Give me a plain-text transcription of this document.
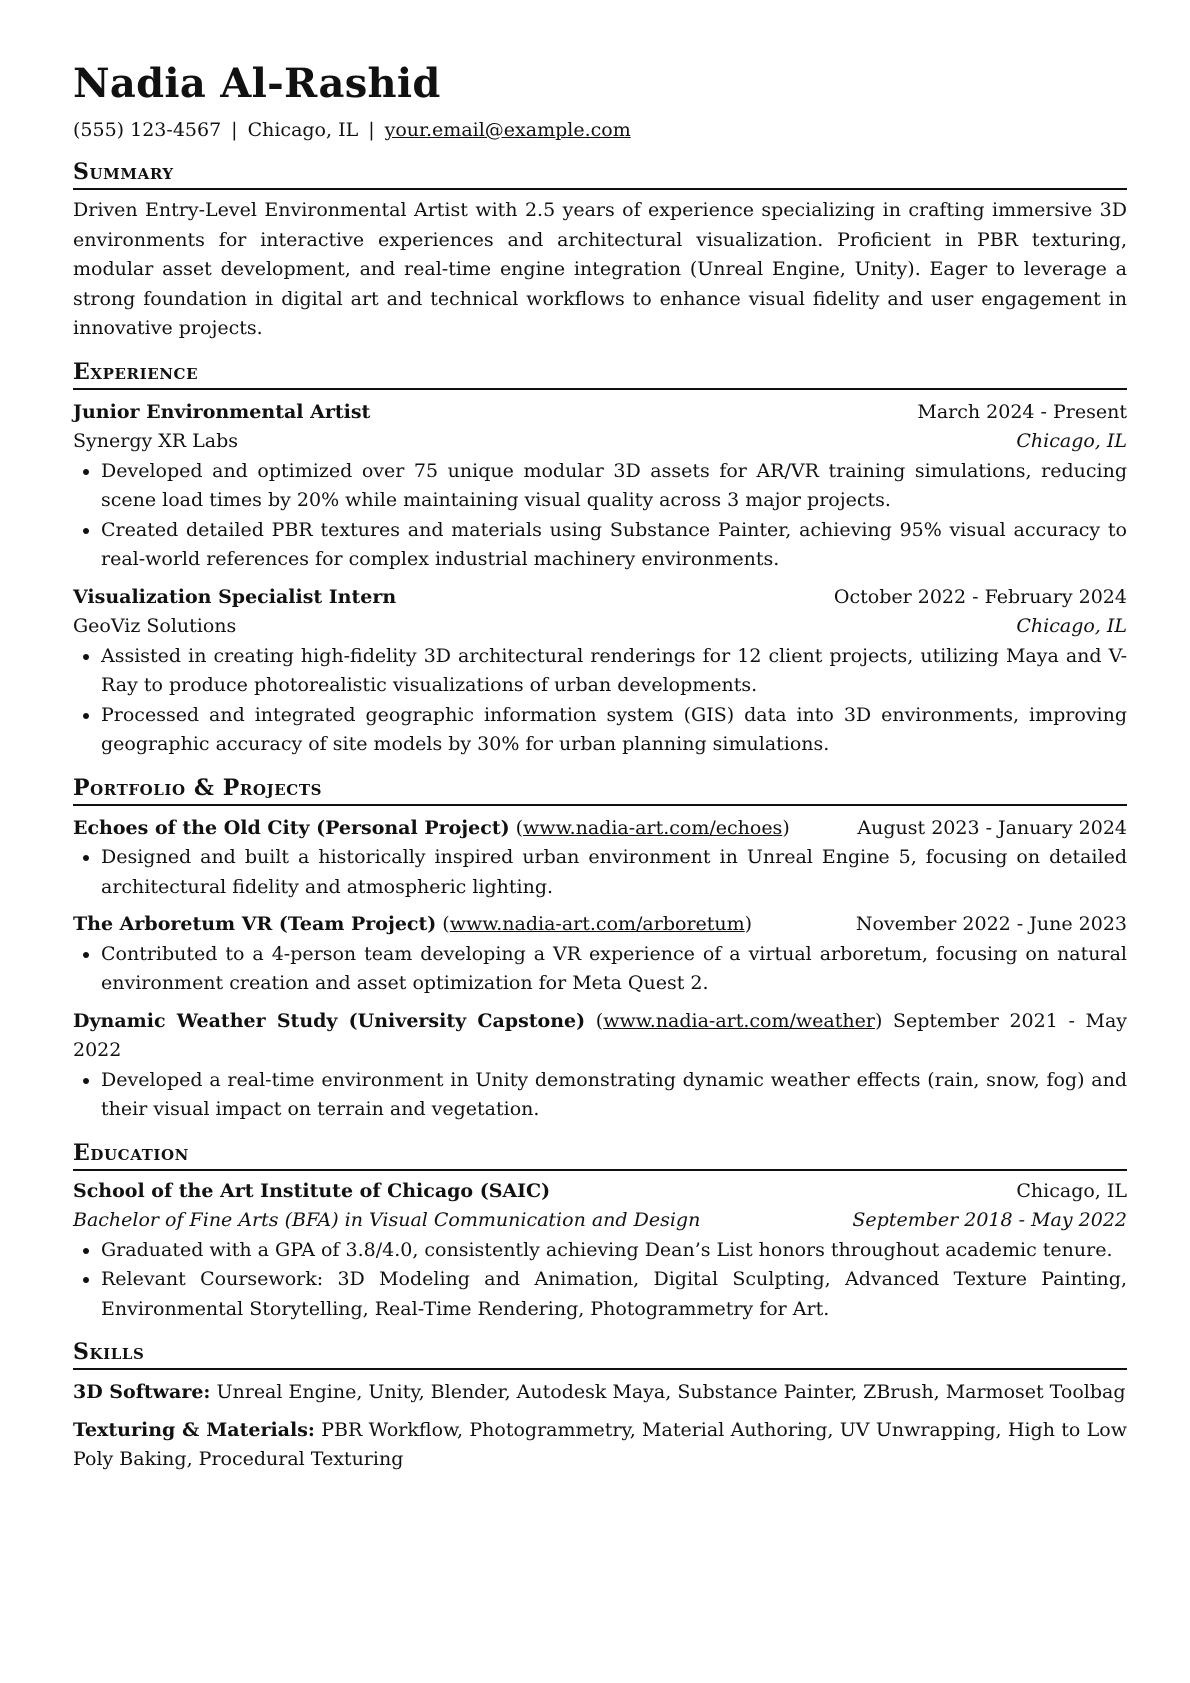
Nadia Al-Rashid
(555) 123-4567 | Chicago, IL | your.email@example.com
Summary
Driven Entry-Level Environmental Artist with 2.5 years of experience specializing in crafting immersive 3D environments for interactive experiences and architectural visualization. Proficient in PBR texturing, modular asset development, and real-time engine integration (Unreal Engine, Unity). Eager to leverage a strong foundation in digital art and technical workflows to enhance visual fidelity and user engagement in innovative projects.
Experience
Junior Environmental Artist	March 2024 - Present
Synergy XR Labs	Chicago, IL
• Developed and optimized over 75 unique modular 3D assets for AR/VR training simulations, reducing scene load times by 20% while maintaining visual quality across 3 major projects.
• Created detailed PBR textures and materials using Substance Painter, achieving 95% visual accuracy to real-world references for complex industrial machinery environments.
Visualization Specialist Intern	October 2022 - February 2024
GeoViz Solutions	Chicago, IL
• Assisted in creating high-fidelity 3D architectural renderings for 12 client projects, utilizing Maya and V-Ray to produce photorealistic visualizations of urban developments.
• Processed and integrated geographic information system (GIS) data into 3D environments, improving geographic accuracy of site models by 30% for urban planning simulations.
Portfolio & Projects
Echoes of the Old City (Personal Project) (www.nadia-art.com/echoes)	August 2023 - January 2024
• Designed and built a historically inspired urban environment in Unreal Engine 5, focusing on detailed architectural fidelity and atmospheric lighting.
The Arboretum VR (Team Project) (www.nadia-art.com/arboretum)	November 2022 - June 2023
• Contributed to a 4-person team developing a VR experience of a virtual arboretum, focusing on natural environment creation and asset optimization for Meta Quest 2.
Dynamic Weather Study (University Capstone) (www.nadia-art.com/weather) September 2021 - May 2022
• Developed a real-time environment in Unity demonstrating dynamic weather effects (rain, snow, fog) and their visual impact on terrain and vegetation.
Education
School of the Art Institute of Chicago (SAIC)	Chicago, IL
Bachelor of Fine Arts (BFA) in Visual Communication and Design	September 2018 - May 2022
• Graduated with a GPA of 3.8/4.0, consistently achieving Dean’s List honors throughout academic tenure.
• Relevant Coursework: 3D Modeling and Animation, Digital Sculpting, Advanced Texture Painting, Environmental Storytelling, Real-Time Rendering, Photogrammetry for Art.
Skills
3D Software: Unreal Engine, Unity, Blender, Autodesk Maya, Substance Painter, ZBrush, Marmoset Toolbag
Texturing & Materials: PBR Workflow, Photogrammetry, Material Authoring, UV Unwrapping, High to Low Poly Baking, Procedural Texturing
